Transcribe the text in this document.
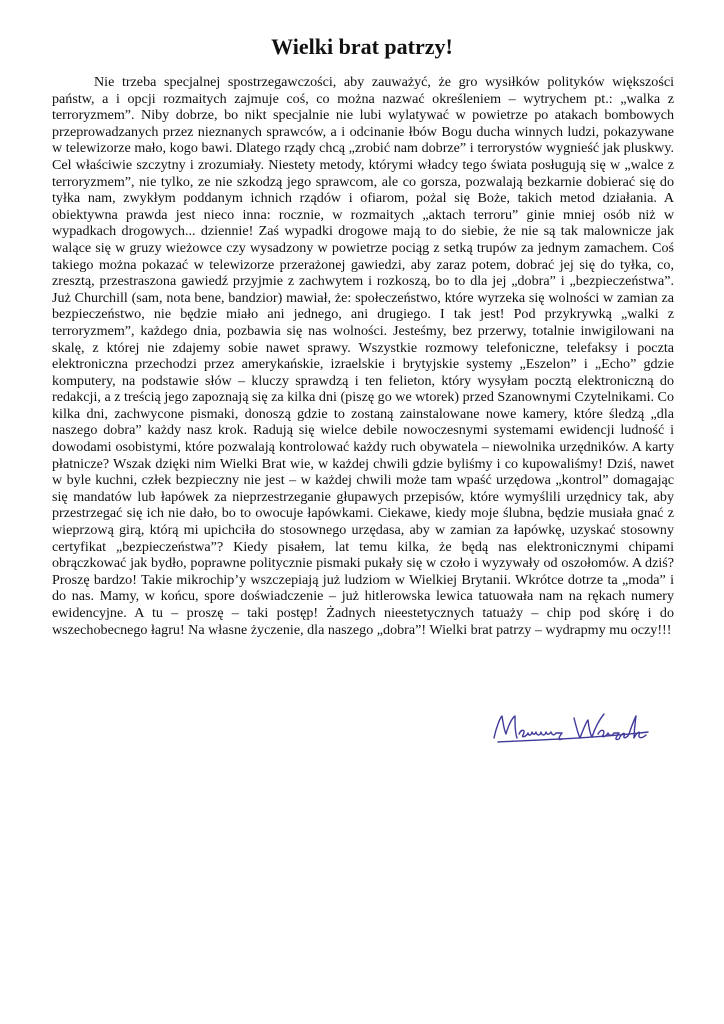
Wielki brat patrzy!

Nie trzeba specjalnej spostrzegawczości, aby zauważyć, że gro wysiłków polityków większości państw, a i opcji rozmaitych zajmuje coś, co można nazwać określeniem – wytrychem pt.: „walka z terroryzmem”. Niby dobrze, bo nikt specjalnie nie lubi wylatywać w powietrze po atakach bombowych przeprowadzanych przez nieznanych sprawców, a i odcinanie łbów Bogu ducha winnych ludzi, pokazywane w telewizorze mało, kogo bawi. Dlatego rządy chcą „zrobić nam dobrze” i terrorystów wygnieść jak pluskwy. Cel właściwie szczytny i zrozumiały. Niestety metody, którymi władcy tego świata posługują się w „walce z terroryzmem”, nie tylko, ze nie szkodzą jego sprawcom, ale co gorsza, pozwalają bezkarnie dobierać się do tyłka nam, zwykłym poddanym ichnich rządów i ofiarom, pożal się Boże, takich metod działania. A obiektywna prawda jest nieco inna: rocznie, w rozmaitych „aktach terroru” ginie mniej osób niż w wypadkach drogowych... dziennie! Zaś wypadki drogowe mają to do siebie, że nie są tak malownicze jak walące się w gruzy wieżowce czy wysadzony w powietrze pociąg z setką trupów za jednym zamachem. Coś takiego można pokazać w telewizorze przerażonej gawiedzi, aby zaraz potem, dobrać jej się do tyłka, co, zresztą, przestraszona gawiedź przyjmie z zachwytem i rozkoszą, bo to dla jej „dobra” i „bezpieczeństwa”. Już Churchill (sam, nota bene, bandzior) mawiał, że: społeczeństwo, które wyrzeka się wolności w zamian za bezpieczeństwo, nie będzie miało ani jednego, ani drugiego. I tak jest! Pod przykrywką „walki z terroryzmem”, każdego dnia, pozbawia się nas wolności. Jesteśmy, bez przerwy, totalnie inwigilowani na skalę, z której nie zdajemy sobie nawet sprawy. Wszystkie rozmowy telefoniczne, telefaksy i poczta elektroniczna przechodzi przez amerykańskie, izraelskie i brytyjskie systemy „Eszelon” i „Echo” gdzie komputery, na podstawie słów – kluczy sprawdzą i ten felieton, który wysyłam pocztą elektroniczną do redakcji, a z treścią jego zapoznają się za kilka dni (piszę go we wtorek) przed Szanownymi Czytelnikami. Co kilka dni, zachwycone pismaki, donoszą gdzie to zostaną zainstalowane nowe kamery, które śledzą „dla naszego dobra” każdy nasz krok. Radują się wielce debile nowoczesnymi systemami ewidencji ludność i dowodami osobistymi, które pozwalają kontrolować każdy ruch obywatela – niewolnika urzędników. A karty płatnicze? Wszak dzięki nim Wielki Brat wie, w każdej chwili gdzie byliśmy i co kupowaliśmy! Dziś, nawet w byle kuchni, człek bezpieczny nie jest – w każdej chwili może tam wpaść urzędowa „kontrol” domagając się mandatów lub łapówek za nieprzestrzeganie głupawych przepisów, które wymyślili urzędnicy tak, aby przestrzegać się ich nie dało, bo to owocuje łapówkami. Ciekawe, kiedy moje ślubna, będzie musiała gnać z wieprzową girą, którą mi upichciła do stosownego urzędasa, aby w zamian za łapówkę, uzyskać stosowny certyfikat „bezpieczeństwa”? Kiedy pisałem, lat temu kilka, że będą nas elektronicznymi chipami obrączkować jak bydło, poprawne politycznie pismaki pukały się w czoło i wyzywały od oszołomów. A dziś? Proszę bardzo! Takie mikrochip’y wszczepiają już ludziom w Wielkiej Brytanii. Wkrótce dotrze ta „moda” i do nas. Mamy, w końcu, spore doświadczenie – już hitlerowska lewica tatuowała nam na rękach numery ewidencyjne. A tu – proszę – taki postęp! Żadnych nieestetycznych tatuaży – chip pod skórę i do wszechobecnego łagru! Na własne życzenie, dla naszego „dobra”! Wielki brat patrzy – wydrapmy mu oczy!!!
